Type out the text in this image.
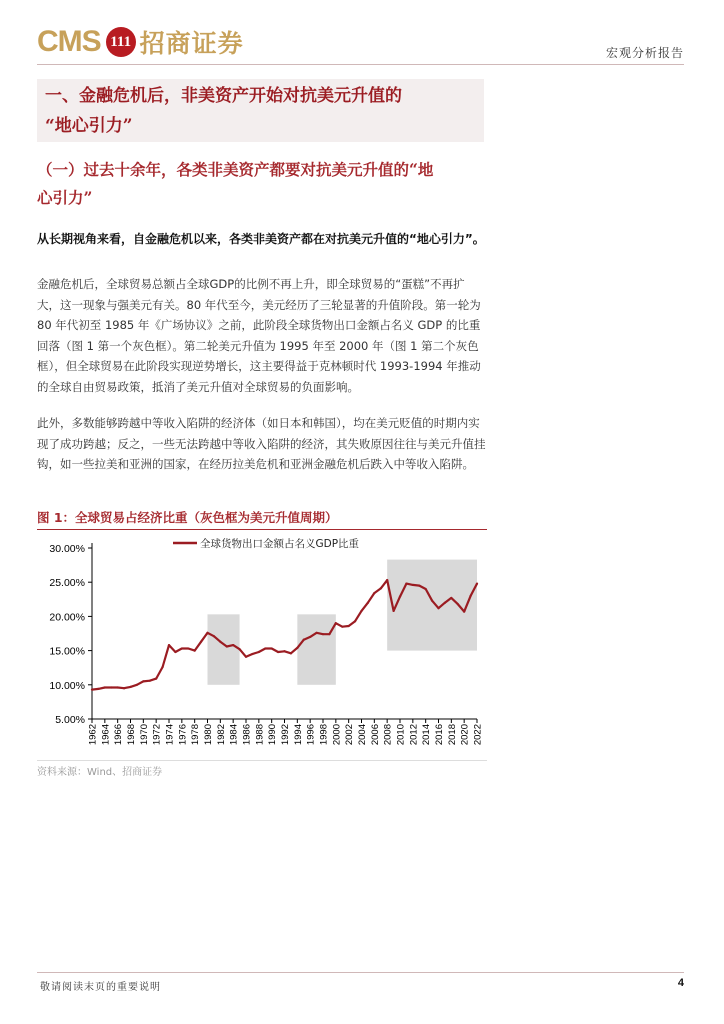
CMS 111 招商证券	宏观分析报告
一、金融危机后，非美资产开始对抗美元升值的
“地心引力”
（一）过去十余年，各类非美资产都要对抗美元升值的“地
心引力”
从长期视角来看，自金融危机以来，各类非美资产都在对抗美元升值的“地心引力”。
金融危机后，全球贸易总额占全球GDP的比例不再上升，即全球贸易的“蛋糕”不再扩大，这一现象与强美元有关。80 年代至今，美元经历了三轮显著的升值阶段。第一轮为 80 年代初至 1985 年《广场协议》之前，此阶段全球货物出口金额占名义 GDP 的比重回落（图 1 第一个灰色框）。第二轮美元升值为 1995 年至 2000 年（图 1 第二个灰色框），但全球贸易在此阶段实现逆势增长，这主要得益于克林顿时代 1993-1994 年推动的全球自由贸易政策，抵消了美元升值对全球贸易的负面影响。
此外，多数能够跨越中等收入陷阱的经济体（如日本和韩国），均在美元贬值的时期内实现了成功跨越；反之，一些无法跨越中等收入陷阱的经济，其失败原因往往与美元升值挂钩，如一些拉美和亚洲的国家，在经历拉美危机和亚洲金融危机后跌入中等收入陷阱。
图 1：全球贸易占经济比重（灰色框为美元升值周期）
30.00%
25.00%
20.00%
15.00%
10.00%
5.00%
1962 1964 1966 1968 1970 1972 1974 1976 1978 1980 1982 1984 1986 1988 1990 1992 1994 1996 1998 2000 2002 2004 2006 2008 2010 2012 2014 2016 2018 2020 2022
全球货物出口金额占名义GDP比重
资料来源：Wind、招商证券
敬请阅读末页的重要说明	4
